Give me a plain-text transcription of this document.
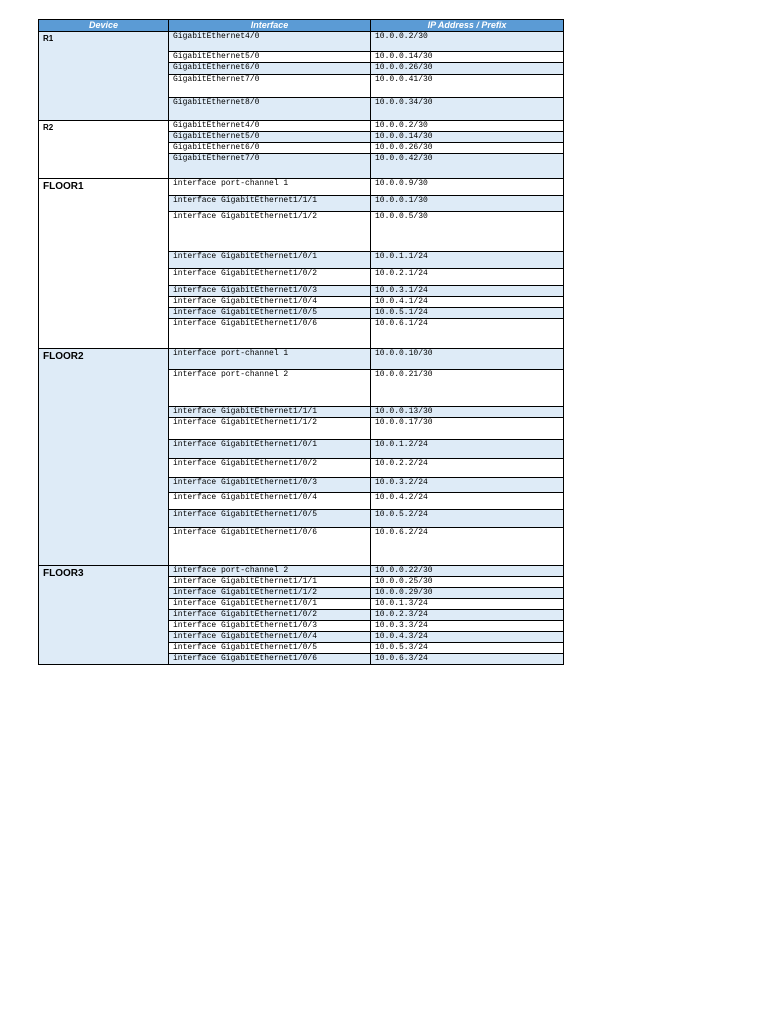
Device	Interface	IP Address / Prefix
R1	GigabitEthernet4/0	10.0.0.2/30
	GigabitEthernet5/0	10.0.0.14/30
	GigabitEthernet6/0	10.0.0.26/30
	GigabitEthernet7/0	10.0.0.41/30
	GigabitEthernet8/0	10.0.0.34/30
R2	GigabitEthernet4/0	10.0.0.2/30
	GigabitEthernet5/0	10.0.0.14/30
	GigabitEthernet6/0	10.0.0.26/30
	GigabitEthernet7/0	10.0.0.42/30
FLOOR1	interface port-channel 1	10.0.0.9/30
	interface GigabitEthernet1/1/1	10.0.0.1/30
	interface GigabitEthernet1/1/2	10.0.0.5/30
	interface GigabitEthernet1/0/1	10.0.1.1/24
	interface GigabitEthernet1/0/2	10.0.2.1/24
	interface GigabitEthernet1/0/3	10.0.3.1/24
	interface GigabitEthernet1/0/4	10.0.4.1/24
	interface GigabitEthernet1/0/5	10.0.5.1/24
	interface GigabitEthernet1/0/6	10.0.6.1/24
FLOOR2	interface port-channel 1	10.0.0.10/30
	interface port-channel 2	10.0.0.21/30
	interface GigabitEthernet1/1/1	10.0.0.13/30
	interface GigabitEthernet1/1/2	10.0.0.17/30
	interface GigabitEthernet1/0/1	10.0.1.2/24
	interface GigabitEthernet1/0/2	10.0.2.2/24
	interface GigabitEthernet1/0/3	10.0.3.2/24
	interface GigabitEthernet1/0/4	10.0.4.2/24
	interface GigabitEthernet1/0/5	10.0.5.2/24
	interface GigabitEthernet1/0/6	10.0.6.2/24
FLOOR3	interface port-channel 2	10.0.0.22/30
	interface GigabitEthernet1/1/1	10.0.0.25/30
	interface GigabitEthernet1/1/2	10.0.0.29/30
	interface GigabitEthernet1/0/1	10.0.1.3/24
	interface GigabitEthernet1/0/2	10.0.2.3/24
	interface GigabitEthernet1/0/3	10.0.3.3/24
	interface GigabitEthernet1/0/4	10.0.4.3/24
	interface GigabitEthernet1/0/5	10.0.5.3/24
	interface GigabitEthernet1/0/6	10.0.6.3/24
